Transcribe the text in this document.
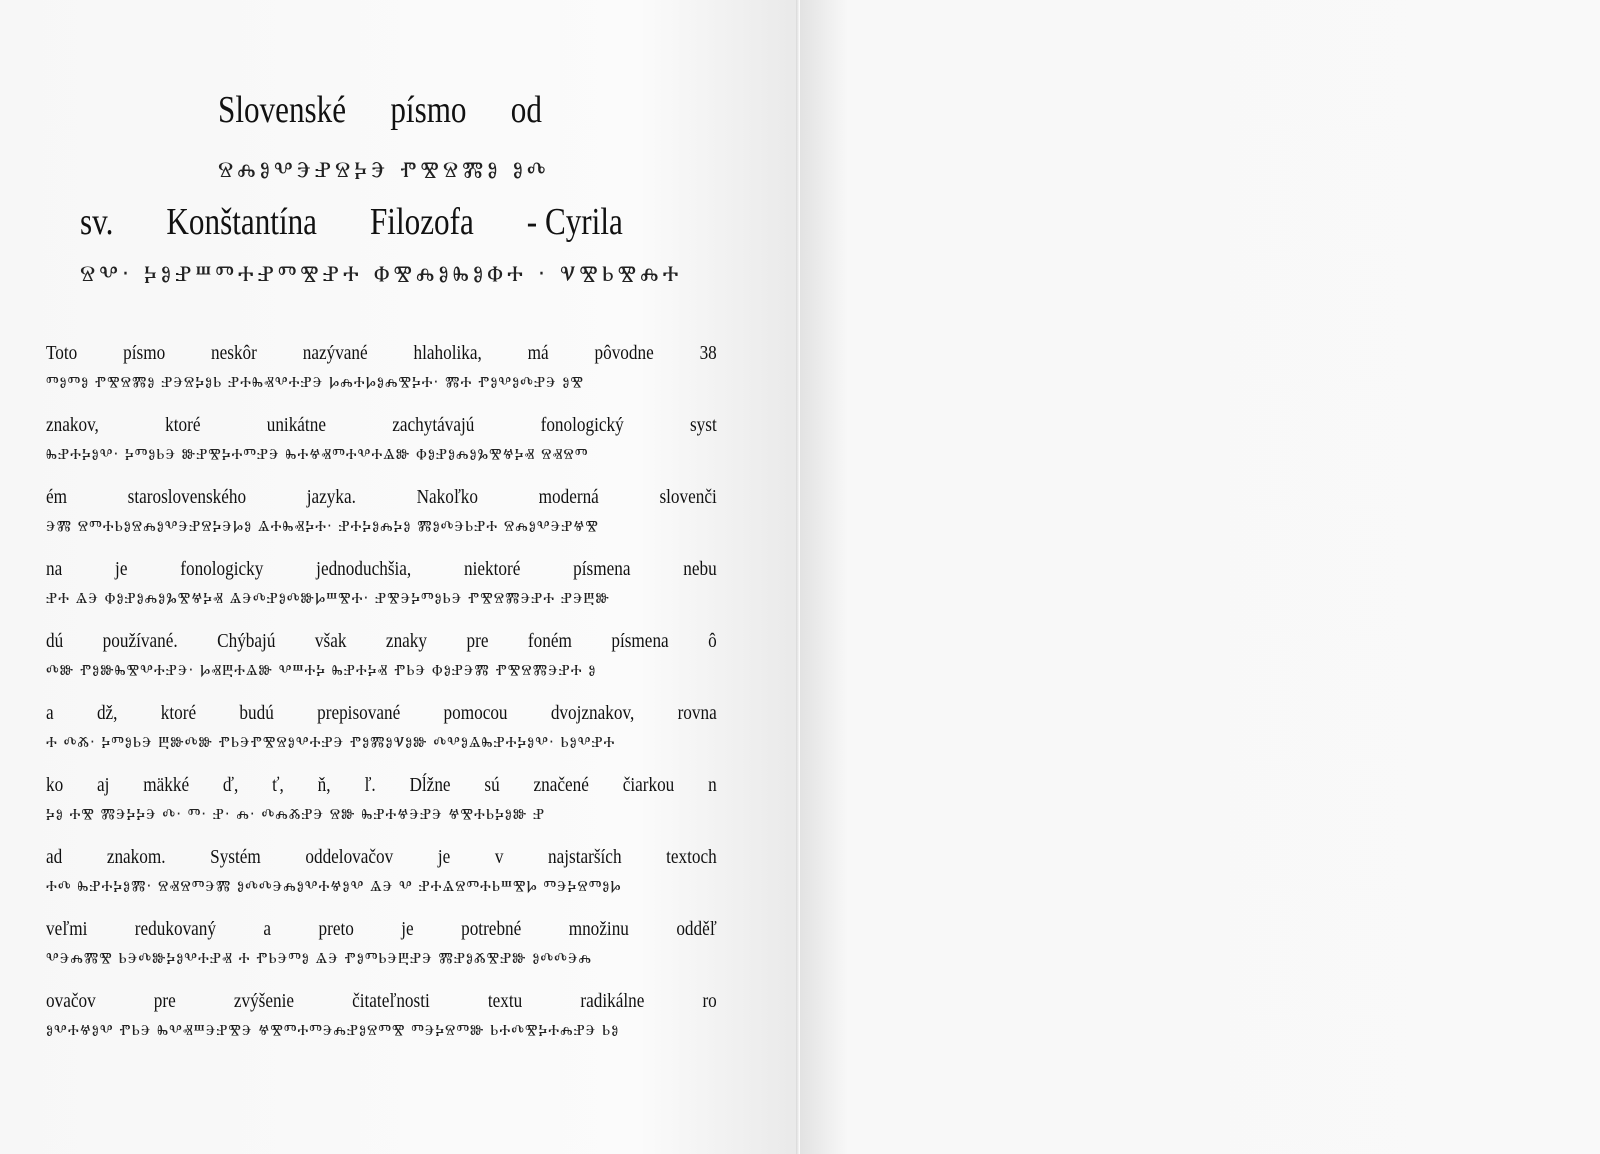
Slovenské písmo od
ⰔⰎⰑⰂⰅⰐⰔⰍⰅ ⰒⰊⰔⰏⰑ ⰑⰄ
sv. Konštantína Filozofa - Cyrila
ⰔⰂ· ⰍⰑⰐⰞⰕⰀⰐⰕⰊⰐⰀ ⰗⰊⰎⰑⰈⰑⰗⰀ · ⰜⰊⰓⰊⰎⰀ
Toto písmo neskôr nazývané hlaholika, má pôvodne 38
ⰕⰑⰕⰑ ⰒⰊⰔⰏⰑ ⰐⰅⰔⰍⰑⰓ ⰐⰀⰈⰟⰂⰀⰐⰅ ⰘⰎⰀⰘⰑⰎⰊⰍⰀ· ⰏⰀ ⰒⰑⰂⰑⰄⰐⰅ ⰑⰊ
znakov,	ktoré	unikátne	zachytávajú	fonologický	syst
ⰈⰐⰀⰍⰑⰂ· ⰍⰕⰑⰓⰅ ⰖⰐⰊⰍⰀⰕⰐⰅ ⰈⰀⰝⰟⰕⰀⰂⰀⰡⰖ ⰗⰑⰐⰑⰎⰑⰃⰊⰝⰍⰟ ⰔⰟⰔⰕ
ém	staroslovenského	jazyka.	Nakoľko	moderná	slovenči
ⰅⰏ ⰔⰕⰀⰓⰑⰔⰎⰑⰂⰅⰐⰔⰍⰅⰘⰑ ⰡⰀⰈⰟⰍⰀ· ⰐⰀⰍⰑⰎⰍⰑ ⰏⰑⰄⰅⰓⰐⰀ ⰔⰎⰑⰂⰅⰐⰝⰊ
na	je	fonologicky	jednoduchšia,	niektoré	písmena	nebu
ⰐⰀ ⰡⰅ ⰗⰑⰐⰑⰎⰑⰃⰊⰝⰍⰟ ⰡⰅⰄⰐⰑⰄⰖⰘⰞⰊⰀ· ⰐⰊⰅⰍⰕⰑⰓⰅ ⰒⰊⰔⰏⰅⰐⰀ ⰐⰅⰁⰖ
dú používané. Chýbajú však znaky pre foném písmena ô
ⰄⰖ ⰒⰑⰖⰈⰊⰂⰀⰐⰅ· ⰘⰟⰁⰀⰡⰖ ⰂⰞⰀⰍ ⰈⰐⰀⰍⰟ ⰒⰓⰅ ⰗⰑⰐⰅⰏ ⰒⰊⰔⰏⰅⰐⰀ Ⱁ
a dž, ktoré budú prepisované pomocou dvojznakov, rovna
Ⰰ ⰄⰆ· ⰍⰕⰑⰓⰅ ⰁⰖⰄⰖ ⰒⰓⰅⰒⰊⰔⰑⰂⰀⰐⰅ ⰒⰑⰏⰑⰜⰑⰖ ⰄⰂⰑⰡⰈⰐⰀⰍⰑⰂ· ⰓⰑⰂⰐⰀ
ko aj mäkké ď, ť, ň, ľ. Dĺžne sú značené čiarkou n
ⰍⰑ ⰀⰊ ⰏⰅⰍⰍⰅ Ⰴ· Ⱅ· Ⱀ· Ⰾ· ⰄⰎⰆⰐⰅ ⰔⰖ ⰈⰐⰀⰝⰅⰐⰅ ⰝⰊⰀⰓⰍⰑⰖ Ⱀ
ad znakom. Systém oddelovačov je v najstarších textoch
ⰀⰄ ⰈⰐⰀⰍⰑⰏ· ⰔⰟⰔⰕⰅⰏ ⰑⰄⰄⰅⰎⰑⰂⰀⰝⰑⰂ ⰡⰅ Ⰲ ⰐⰀⰡⰔⰕⰀⰓⰞⰊⰘ ⰕⰅⰍⰔⰕⰑⰘ
veľmi redukovaný a preto je potrebné množinu odděľ
ⰂⰅⰎⰏⰊ ⰓⰅⰄⰖⰍⰑⰂⰀⰐⰟ Ⰰ ⰒⰓⰅⰕⰑ ⰡⰅ ⰒⰑⰕⰓⰅⰁⰐⰅ ⰏⰐⰑⰆⰊⰐⰖ ⰑⰄⰄⰅⰎ
ovačov	pre	zvýšenie	čitateľnosti	textu	radikálne	ro
ⰑⰂⰀⰝⰑⰂ ⰒⰓⰅ ⰈⰂⰟⰞⰅⰐⰊⰅ ⰝⰊⰕⰀⰕⰅⰎⰐⰑⰔⰕⰊ ⰕⰅⰍⰔⰕⰖ ⰓⰀⰄⰊⰍⰀⰎⰐⰅ ⰓⰑ
